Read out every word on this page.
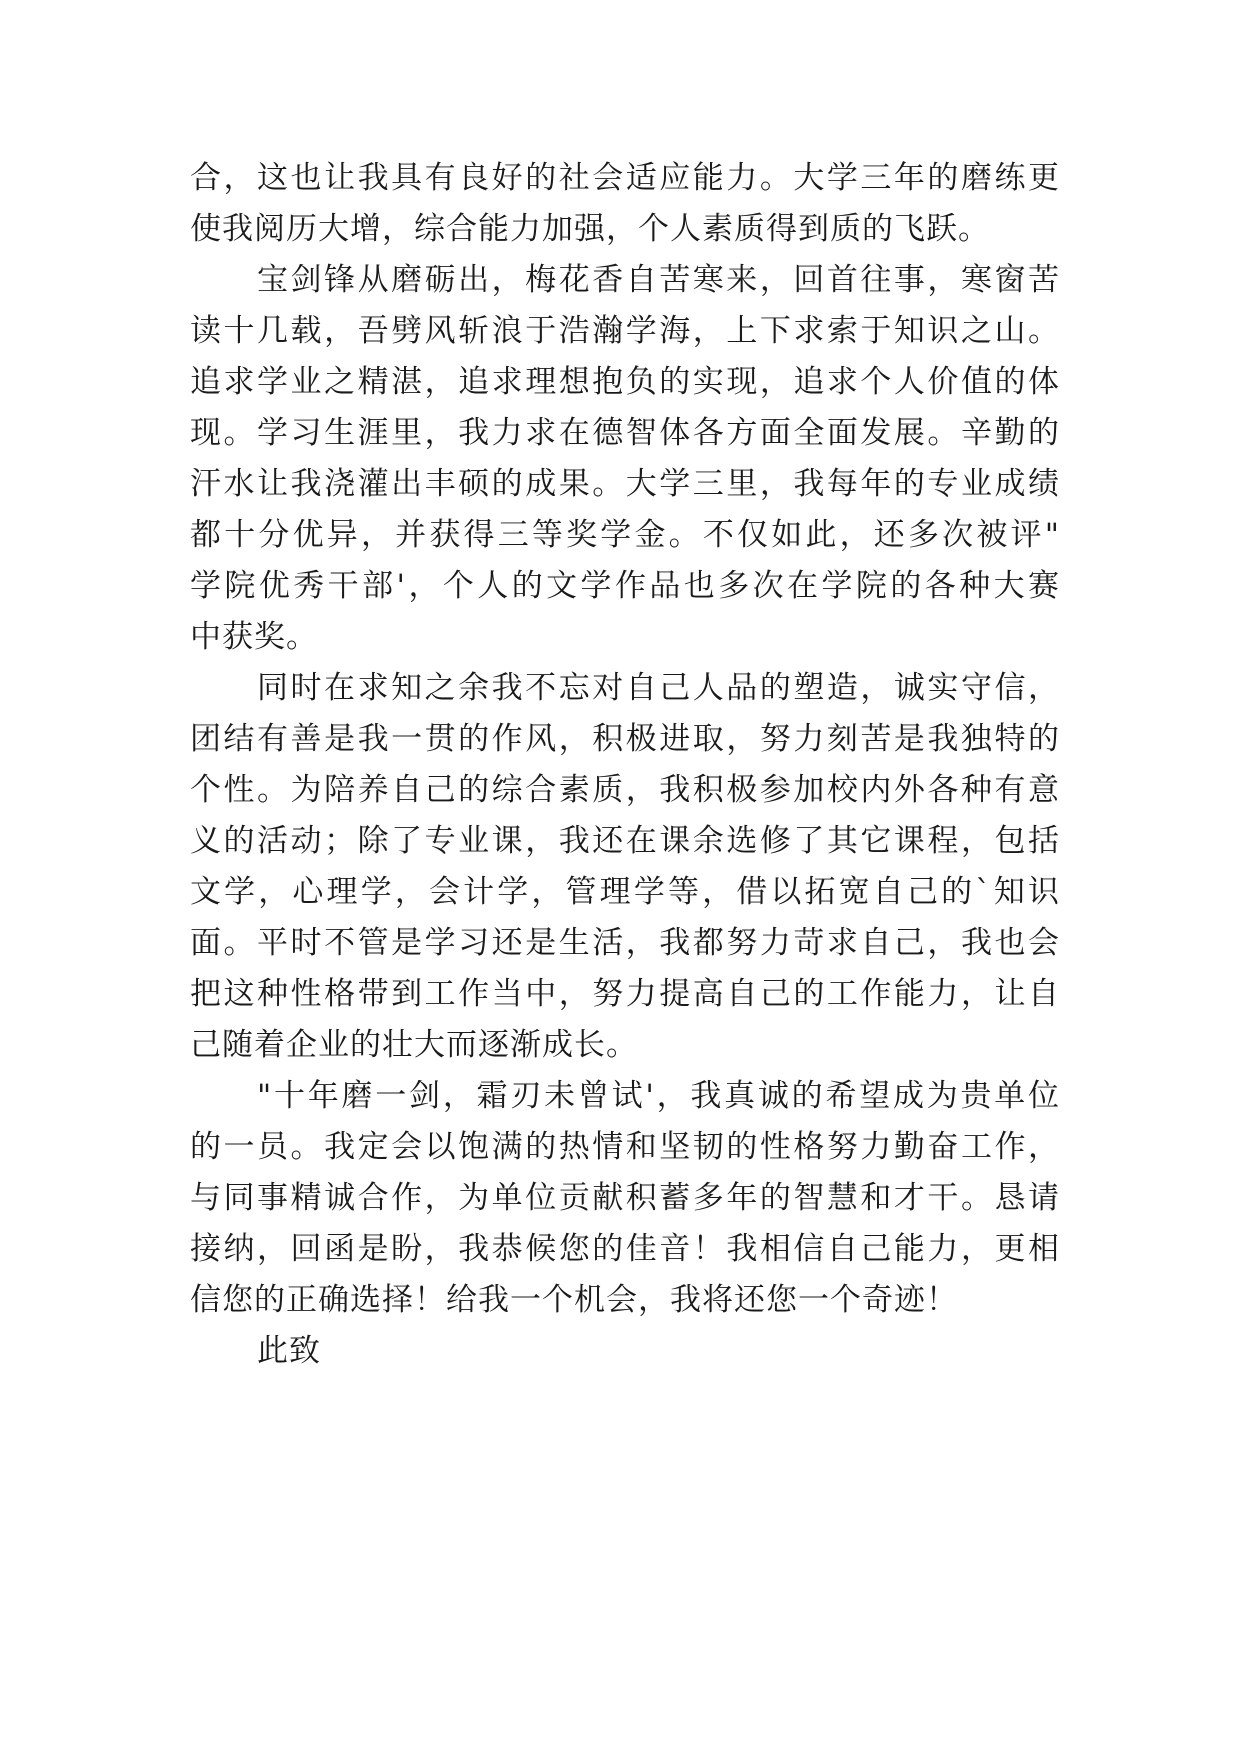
合，这也让我具有良好的社会适应能力。大学三年的磨练更
使我阅历大增，综合能力加强，个人素质得到质的飞跃。
宝剑锋从磨砺出，梅花香自苦寒来，回首往事，寒窗苦
读十几载，吾劈风斩浪于浩瀚学海，上下求索于知识之山。
追求学业之精湛，追求理想抱负的实现，追求个人价值的体
现。学习生涯里，我力求在德智体各方面全面发展。辛勤的
汗水让我浇灌出丰硕的成果。大学三里，我每年的专业成绩
都十分优异，并获得三等奖学金。不仅如此，还多次被评"
学院优秀干部'，个人的文学作品也多次在学院的各种大赛
中获奖。
同时在求知之余我不忘对自己人品的塑造，诚实守信，
团结有善是我一贯的作风，积极进取，努力刻苦是我独特的
个性。为陪养自己的综合素质，我积极参加校内外各种有意
义的活动；除了专业课，我还在课余选修了其它课程，包括
文学，心理学，会计学，管理学等，借以拓宽自己的`知识
面。平时不管是学习还是生活，我都努力苛求自己，我也会
把这种性格带到工作当中，努力提高自己的工作能力，让自
己随着企业的壮大而逐渐成长。
"十年磨一剑，霜刃未曾试'，我真诚的希望成为贵单位
的一员。我定会以饱满的热情和坚韧的性格努力勤奋工作，
与同事精诚合作，为单位贡献积蓄多年的智慧和才干。恳请
接纳，回函是盼，我恭候您的佳音！我相信自己能力，更相
信您的正确选择！给我一个机会，我将还您一个奇迹！
此致
